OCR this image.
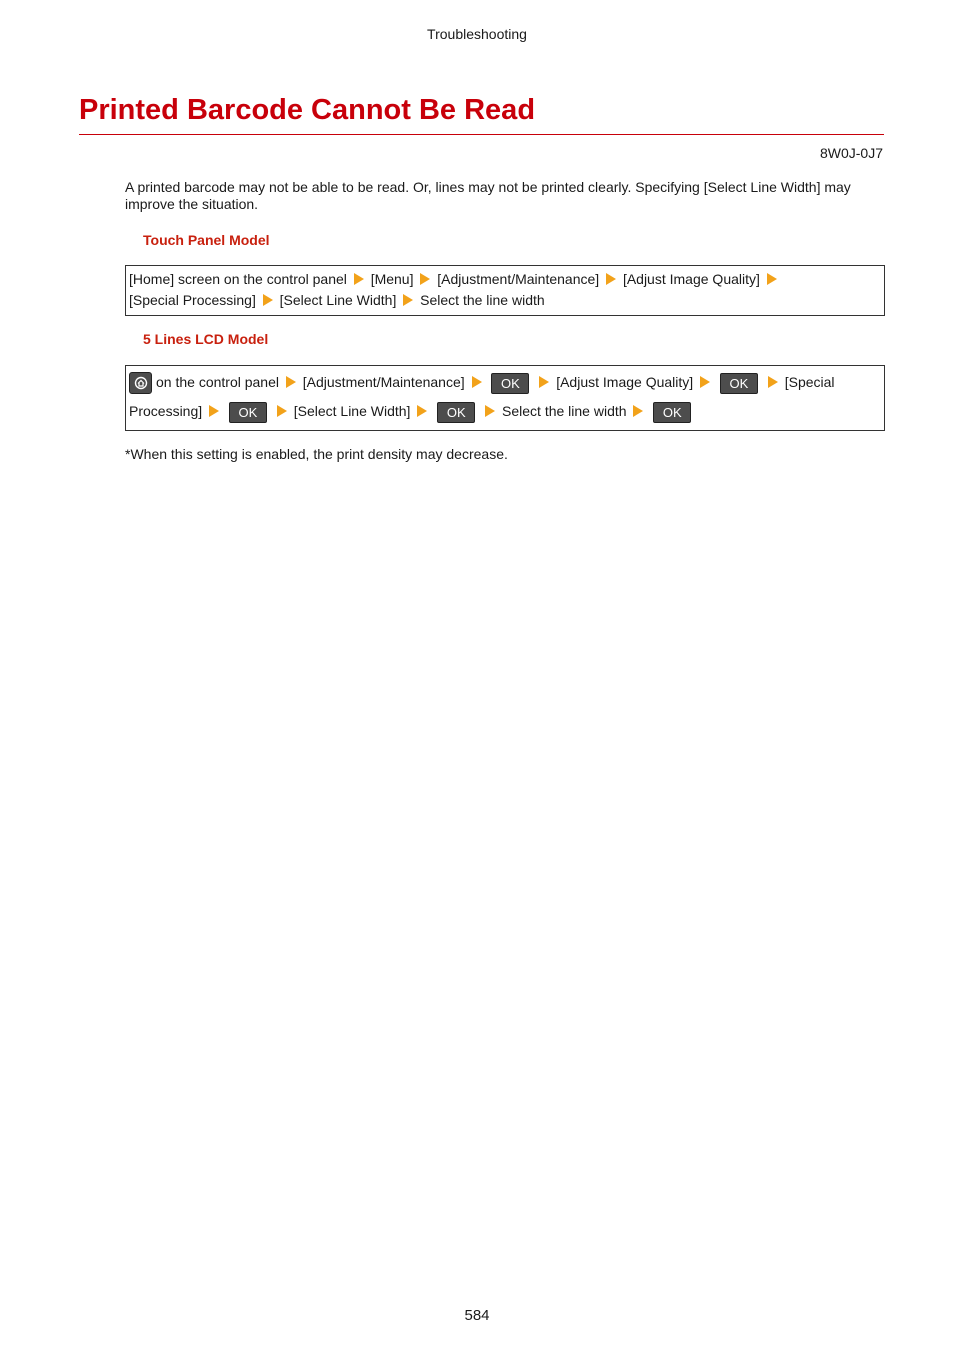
Troubleshooting
Printed Barcode Cannot Be Read
8W0J-0J7

A printed barcode may not be able to be read. Or, lines may not be printed clearly. Specifying [Select Line Width] may improve the situation.

Touch Panel Model
[Home] screen on the control panel [Menu] [Adjustment/Maintenance] [Adjust Image Quality]
[Special Processing] [Select Line Width] Select the line width
5 Lines LCD Model
on the control panel [Adjustment/Maintenance]	OK	[Adjust Image Quality]	OK	[Special
Processing]	OK	[Select Line Width]	OK	Select the line width	OK

*When this setting is enabled, the print density may decrease.

584
